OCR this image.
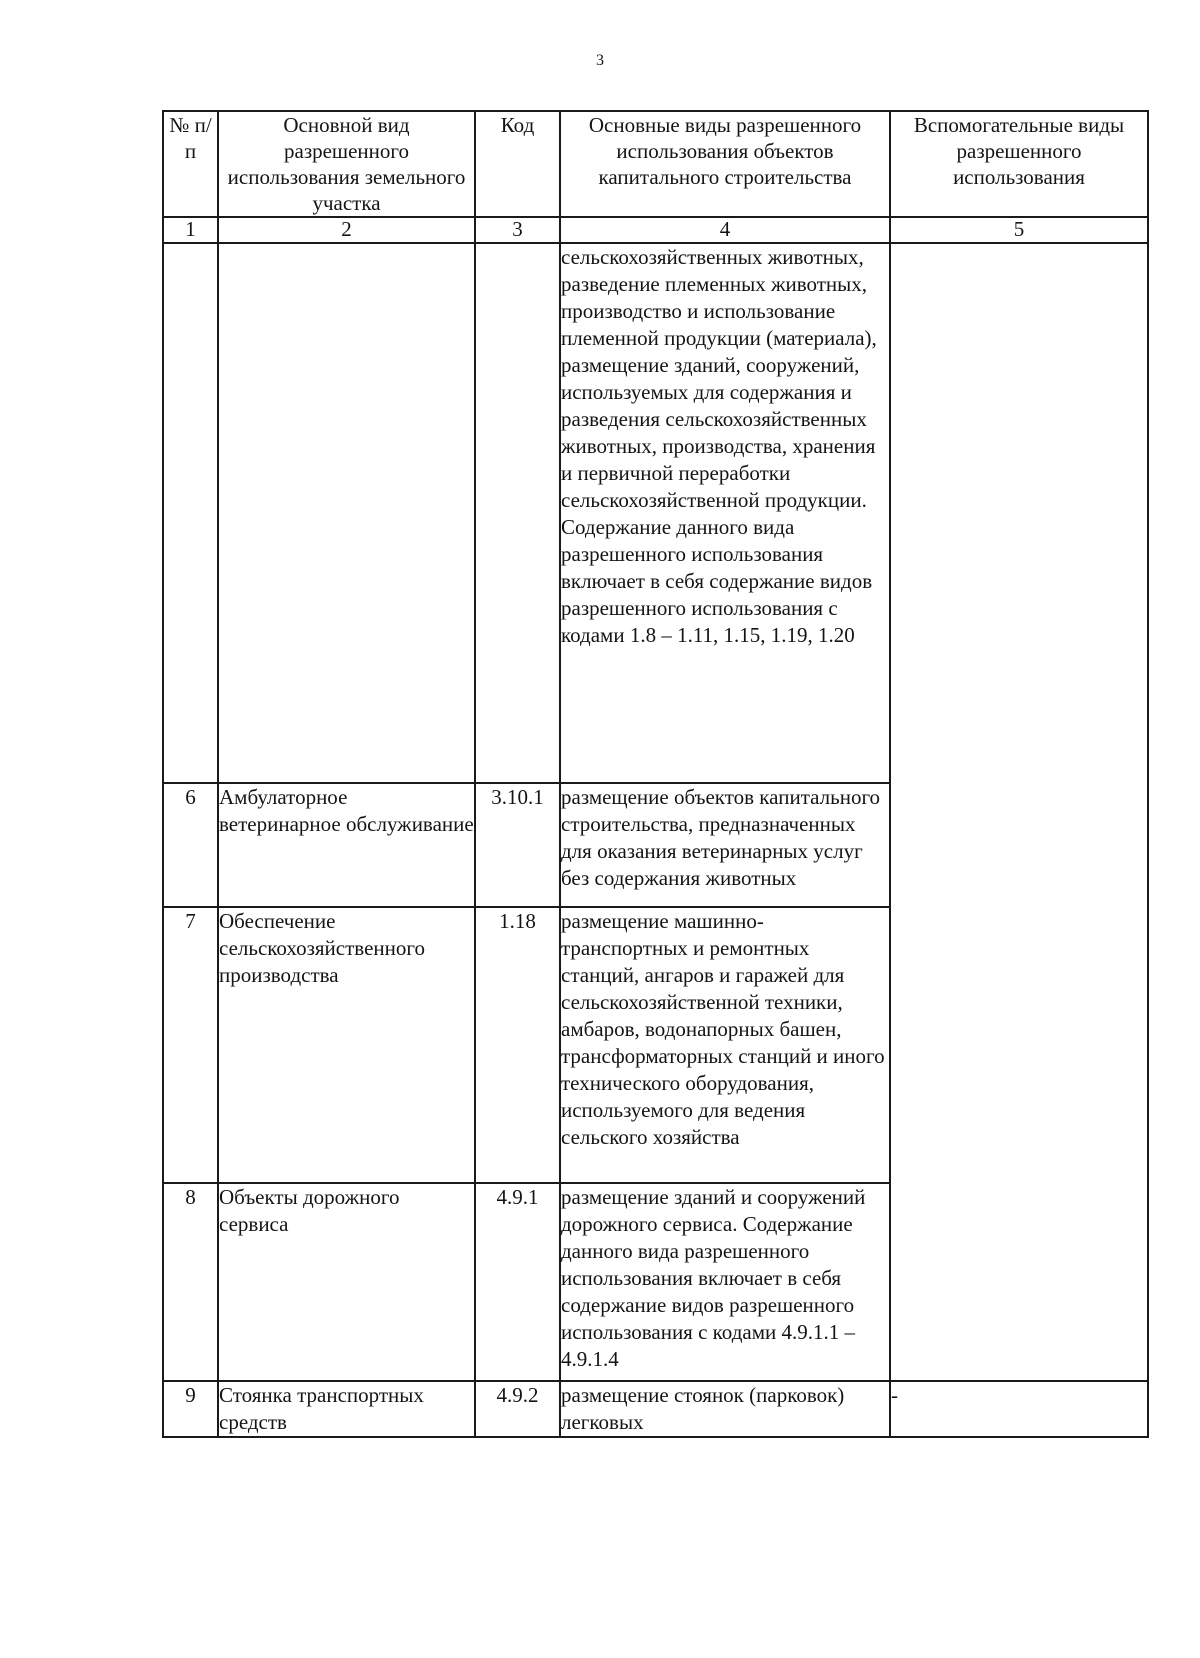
3
№ п/п	Основной вид разрешенного использования земельного участка	Код	Основные виды разрешенного использования объектов капитального строительства	Вспомогательные виды разрешенного использования
1	2	3	4	5
			сельскохозяйственных животных, разведение племенных животных, производство и использование племенной продукции (материала), размещение зданий, сооружений, используемых для содержания и разведения сельскохозяйственных животных, производства, хранения и первичной переработки сельскохозяйственной продукции.
Содержание данного вида разрешенного использования включает в себя содержание видов разрешенного использования с кодами 1.8 – 1.11, 1.15, 1.19, 1.20	
6	Амбулаторное ветеринарное обслуживание	3.10.1	размещение объектов капитального строительства, предназначенных для оказания ветеринарных услуг без содержания животных	
7	Обеспечение сельскохозяйственного производства	1.18	размещение машинно-транспортных и ремонтных станций, ангаров и гаражей для сельскохозяйственной техники, амбаров, водонапорных башен, трансформаторных станций и иного технического оборудования, используемого для ведения сельского хозяйства	
8	Объекты дорожного сервиса	4.9.1	размещение зданий и сооружений дорожного сервиса. Содержание данного вида разрешенного использования включает в себя содержание видов разрешенного использования с кодами 4.9.1.1 – 4.9.1.4	
9	Стоянка транспортных средств	4.9.2	размещение стоянок (парковок) легковых	-
